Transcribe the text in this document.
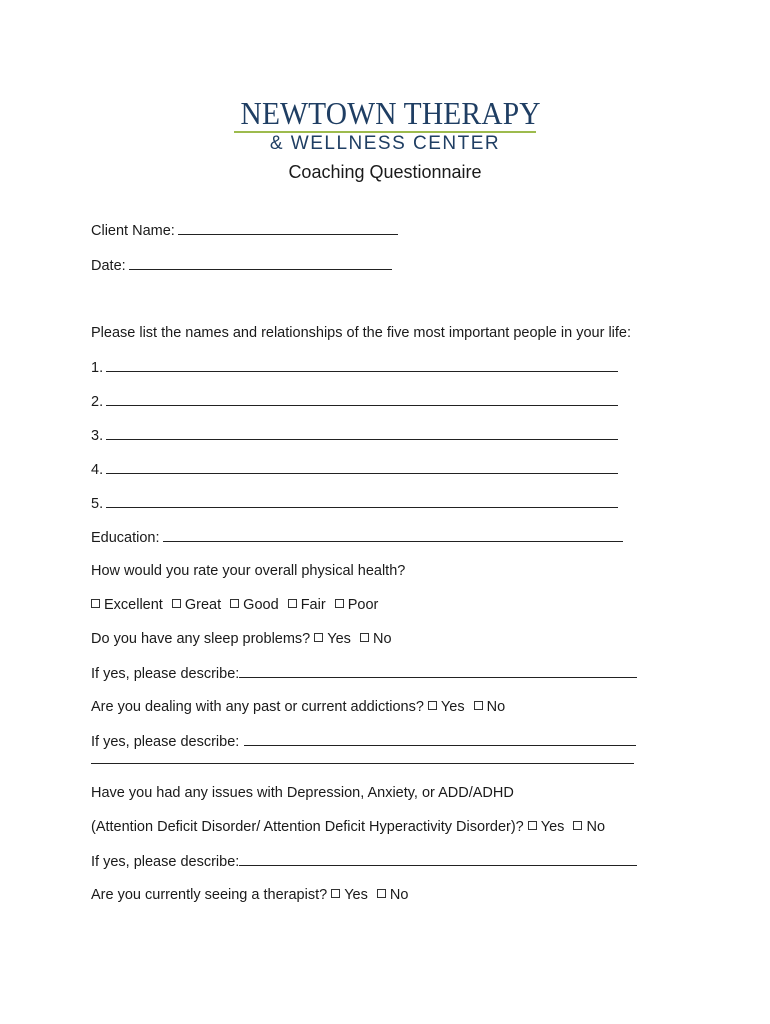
NEWTOWN THERAPY
& WELLNESS CENTER
Coaching Questionnaire
Client Name:
Date:
Please list the names and relationships of the five most important people in your life:
1.
2.
3.
4.
5.
Education:
How would you rate your overall physical health?
Excellent Great Good Fair Poor
Do you have any sleep problems? Yes No
If yes, please describe:
Are you dealing with any past or current addictions? Yes No
If yes, please describe:
Have you had any issues with Depression, Anxiety, or ADD/ADHD
(Attention Deficit Disorder/ Attention Deficit Hyperactivity Disorder)? Yes No
If yes, please describe:
Are you currently seeing a therapist? Yes No
